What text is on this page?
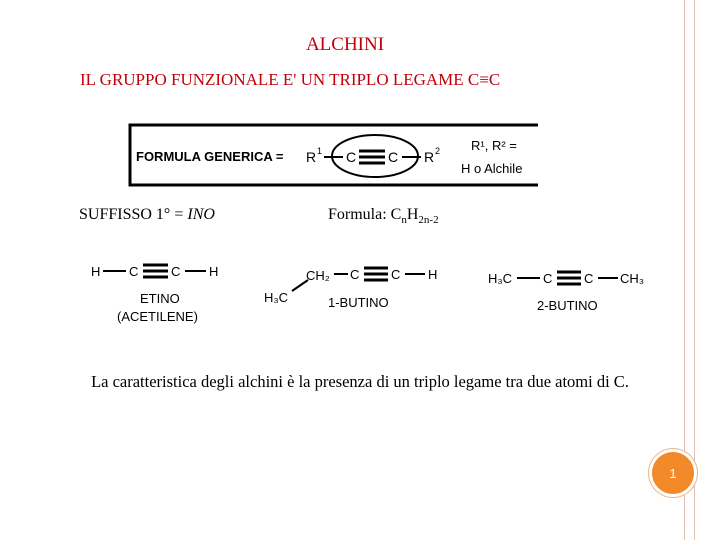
ALCHINI
IL GRUPPO FUNZIONALE E' UN TRIPLO LEGAME C≡C
FORMULA GENERICA = R 1 C C R 2 R¹, R² =
H o Alchile
SUFFISSO 1° = INO	Formula: $C_nH_{2n-2}$
H C	C H
ETINO
(ACETILENE)
H₃C
CH₂ C C H
1-BUTINO
H₃C C C CH₃
2-BUTINO
La caratteristica degli alchini è la presenza di un triplo legame tra due atomi di C.
1
